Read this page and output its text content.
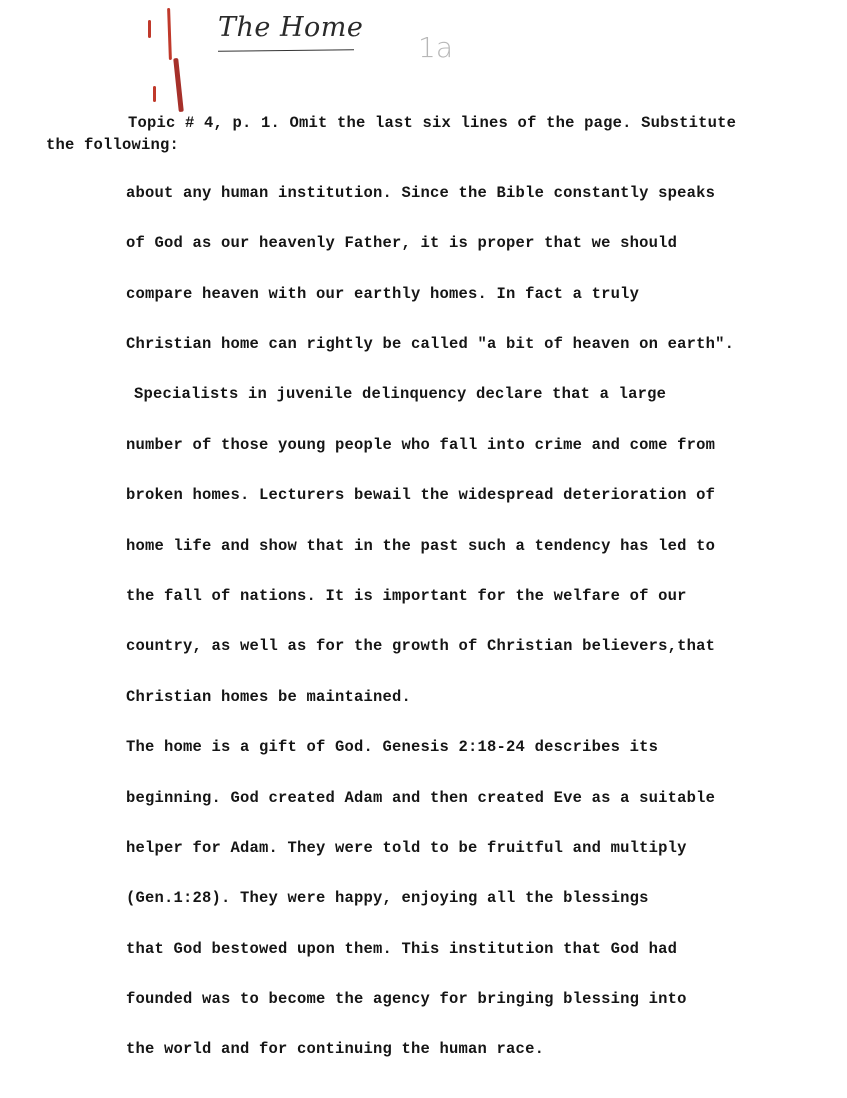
The Home
1a
Topic # 4, p. 1. Omit the last six lines of the page. Substitute
the following:
about any human institution. Since the Bible constantly speaks
of God as our heavenly Father, it is proper that we should
compare heaven with our earthly homes. In fact a truly
Christian home can rightly be called "a bit of heaven on earth".
Specialists in juvenile delinquency declare that a large
number of those young people who fall into crime and come from
broken homes. Lecturers bewail the widespread deterioration of
home life and show that in the past such a tendency has led to
the fall of nations. It is important for the welfare of our
country, as well as for the growth of Christian believers,that
Christian homes be maintained.
The home is a gift of God. Genesis 2:18-24 describes its
beginning. God created Adam and then created Eve as a suitable
helper for Adam. They were told to be fruitful and multiply
(Gen.1:28). They were happy, enjoying all the blessings
that God bestowed upon them. This institution that God had
founded was to become the agency for bringing blessing into
the world and for continuing the human race.
